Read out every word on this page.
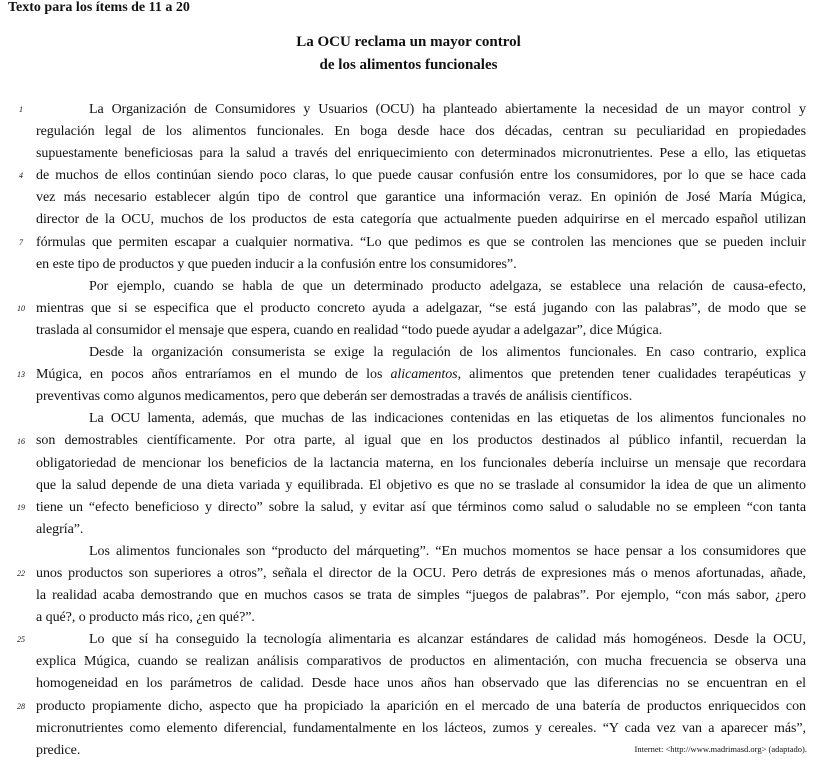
Texto para los ítems de 11 a 20
La OCU reclama un mayor control
de los alimentos funcionales
1
4
7
10
13
16
19
22
25
28
La Organización de Consumidores y Usuarios (OCU) ha planteado abiertamente la necesidad de un mayor control y
regulación legal de los alimentos funcionales. En boga desde hace dos décadas, centran su peculiaridad en propiedades
supuestamente beneficiosas para la salud a través del enriquecimiento con determinados micronutrientes. Pese a ello, las etiquetas
de muchos de ellos continúan siendo poco claras, lo que puede causar confusión entre los consumidores, por lo que se hace cada
vez más necesario establecer algún tipo de control que garantice una información veraz. En opinión de José María Múgica,
director de la OCU, muchos de los productos de esta categoría que actualmente pueden adquirirse en el mercado español utilizan
fórmulas que permiten escapar a cualquier normativa. “Lo que pedimos es que se controlen las menciones que se pueden incluir
en este tipo de productos y que pueden inducir a la confusión entre los consumidores”.
Por ejemplo, cuando se habla de que un determinado producto adelgaza, se establece una relación de causa-efecto,
mientras que si se especifica que el producto concreto ayuda a adelgazar, “se está jugando con las palabras”, de modo que se
traslada al consumidor el mensaje que espera, cuando en realidad “todo puede ayudar a adelgazar”, dice Múgica.
Desde la organización consumerista se exige la regulación de los alimentos funcionales. En caso contrario, explica
Múgica, en pocos años entraríamos en el mundo de los alicamentos, alimentos que pretenden tener cualidades terapéuticas y
preventivas como algunos medicamentos, pero que deberán ser demostradas a través de análisis científicos.
La OCU lamenta, además, que muchas de las indicaciones contenidas en las etiquetas de los alimentos funcionales no
son demostrables científicamente. Por otra parte, al igual que en los productos destinados al público infantil, recuerdan la
obligatoriedad de mencionar los beneficios de la lactancia materna, en los funcionales debería incluirse un mensaje que recordara
que la salud depende de una dieta variada y equilibrada. El objetivo es que no se traslade al consumidor la idea de que un alimento
tiene un “efecto beneficioso y directo” sobre la salud, y evitar así que términos como salud o saludable no se empleen “con tanta
alegría”.
Los alimentos funcionales son “producto del márqueting”. “En muchos momentos se hace pensar a los consumidores que
unos productos son superiores a otros”, señala el director de la OCU. Pero detrás de expresiones más o menos afortunadas, añade,
la realidad acaba demostrando que en muchos casos se trata de simples “juegos de palabras”. Por ejemplo, “con más sabor, ¿pero
a qué?, o producto más rico, ¿en qué?”.
Lo que sí ha conseguido la tecnología alimentaria es alcanzar estándares de calidad más homogéneos. Desde la OCU,
explica Múgica, cuando se realizan análisis comparativos de productos en alimentación, con mucha frecuencia se observa una
homogeneidad en los parámetros de calidad. Desde hace unos años han observado que las diferencias no se encuentran en el
producto propiamente dicho, aspecto que ha propiciado la aparición en el mercado de una batería de productos enriquecidos con
micronutrientes como elemento diferencial, fundamentalmente en los lácteos, zumos y cereales. “Y cada vez van a aparecer más”,
predice.	Internet: <http://www.madrimasd.org> (adaptado).
